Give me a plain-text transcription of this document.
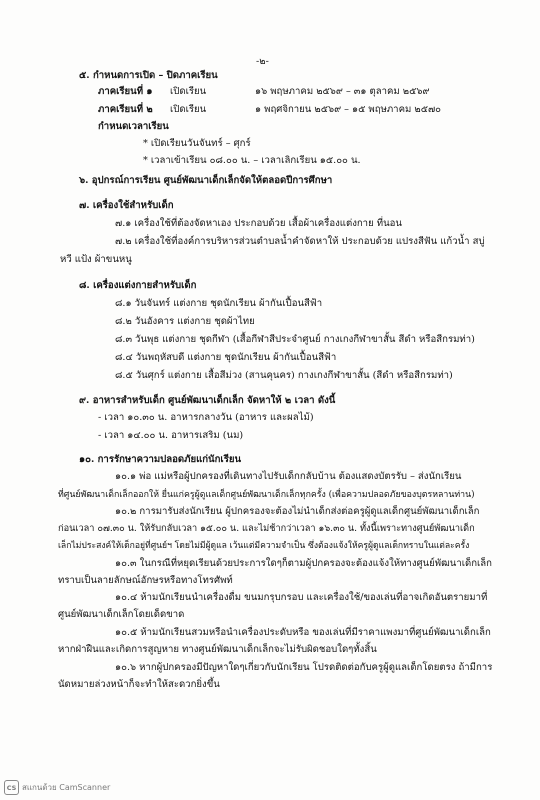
-๒-
๕. กำหนดการเปิด – ปิดภาคเรียน
ภาคเรียนที่ ๑ เปิดเรียน	๑๖ พฤษภาคม ๒๕๖๙ – ๓๑ ตุลาคม ๒๕๖๙
ภาคเรียนที่ ๒ เปิดเรียน	๑ พฤศจิกายน ๒๕๖๙ – ๑๕ พฤษภาคม ๒๕๗๐
กำหนดเวลาเรียน
* เปิดเรียนวันจันทร์ – ศุกร์
* เวลาเข้าเรียน ๐๘.๐๐ น. – เวลาเลิกเรียน ๑๕.๐๐ น.
๖. อุปกรณ์การเรียน ศูนย์พัฒนาเด็กเล็กจัดให้ตลอดปีการศึกษา
๗. เครื่องใช้สำหรับเด็ก
๗.๑ เครื่องใช้ที่ต้องจัดหาเอง ประกอบด้วย เสื้อผ้าเครื่องแต่งกาย ที่นอน
๗.๒ เครื่องใช้ที่องค์การบริหารส่วนตำบลน้ำคำจัดหาให้ ประกอบด้วย แปรงสีฟัน แก้วน้ำ สบู่
หวี แป้ง ผ้าขนหนู
๘. เครื่องแต่งกายสำหรับเด็ก
๘.๑ วันจันทร์ แต่งกาย ชุดนักเรียน ผ้ากันเปื้อนสีฟ้า
๘.๒ วันอังคาร แต่งกาย ชุดผ้าไทย
๘.๓ วันพุธ แต่งกาย ชุดกีฬา (เสื้อกีฬาสีประจำศูนย์ กางเกงกีฬาขาสั้น สีดำ หรือสีกรมท่า)
๘.๔ วันพฤหัสบดี แต่งกาย ชุดนักเรียน ผ้ากันเปื้อนสีฟ้า
๘.๕ วันศุกร์ แต่งกาย เสื้อสีม่วง (สานคุนคร) กางเกงกีฬาขาสั้น (สีดำ หรือสีกรมท่า)
๙. อาหารสำหรับเด็ก ศูนย์พัฒนาเด็กเล็ก จัดหาให้ ๒ เวลา ดังนี้
- เวลา ๑๐.๓๐ น. อาหารกลางวัน (อาหาร และผลไม้)
- เวลา ๑๔.๐๐ น. อาหารเสริม (นม)
๑๐. การรักษาความปลอดภัยแก่นักเรียน
๑๐.๑ พ่อ แม่หรือผู้ปกครองที่เดินทางไปรับเด็กกลับบ้าน ต้องแสดงบัตรรับ – ส่งนักเรียน
ที่ศูนย์พัฒนาเด็กเล็กออกให้ ยื่นแก่ครูผู้ดูแลเด็กศูนย์พัฒนาเด็กเล็กทุกครั้ง (เพื่อความปลอดภัยของบุตรหลานท่าน)
๑๐.๒ การมารับส่งนักเรียน ผู้ปกครองจะต้องไม่นำเด็กส่งต่อครูผู้ดูแลเด็กศูนย์พัฒนาเด็กเล็ก
ก่อนเวลา ๐๗.๓๐ น. ให้รับกลับเวลา ๑๕.๐๐ น. และไม่ช้ากว่าเวลา ๑๖.๓๐ น. ทั้งนี้เพราะทางศูนย์พัฒนาเด็ก
เล็กไม่ประสงค์ให้เด็กอยู่ที่ศูนย์ฯ โดยไม่มีผู้ดูแล เว้นแต่มีความจำเป็น ซึ่งต้องแจ้งให้ครูผู้ดูแลเด็กทราบในแต่ละครั้ง
๑๐.๓ ในกรณีที่หยุดเรียนด้วยประการใดๆก็ตามผู้ปกครองจะต้องแจ้งให้ทางศูนย์พัฒนาเด็กเล็ก
ทราบเป็นลายลักษณ์อักษรหรือทางโทรศัพท์
๑๐.๔ ห้ามนักเรียนนำเครื่องดื่ม ขนมกรุบกรอบ และเครื่องใช้/ของเล่นที่อาจเกิดอันตรายมาที่
ศูนย์พัฒนาเด็กเล็กโดยเด็ดขาด
๑๐.๕ ห้ามนักเรียนสวมหรือนำเครื่องประดับหรือ ของเล่นที่มีราคาแพงมาที่ศูนย์พัฒนาเด็กเล็ก
หากฝ่าฝืนและเกิดการสูญหาย ทางศูนย์พัฒนาเด็กเล็กจะไม่รับผิดชอบใดๆทั้งสิ้น
๑๐.๖ หากผู้ปกครองมีปัญหาใดๆเกี่ยวกับนักเรียน โปรดติดต่อกับครูผู้ดูแลเด็กโดยตรง ถ้ามีการ
นัดหมายล่วงหน้าก็จะทำให้สะดวกยิ่งขึ้น
CS สแกนด้วย CamScanner
